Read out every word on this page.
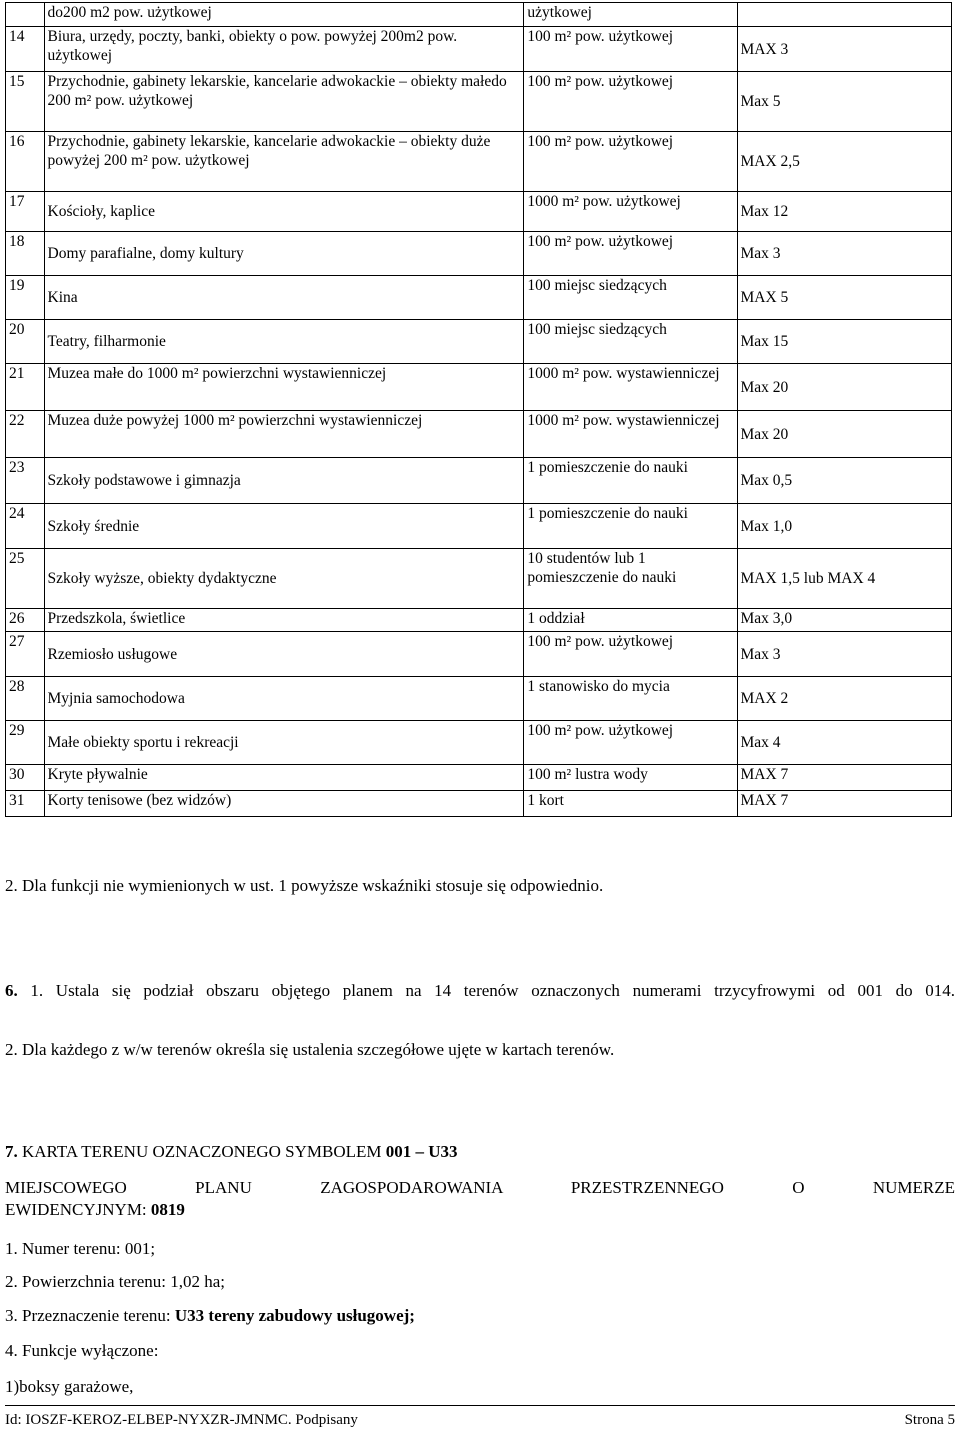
	do200 m2 pow. użytkowej	użytkowej	
14	Biura, urzędy, poczty, banki, obiekty o pow. powyżej 200m2 pow. użytkowej	100 m² pow. użytkowej	MAX 3
15	Przychodnie, gabinety lekarskie, kancelarie adwokackie – obiekty małedo 200 m² pow. użytkowej	100 m² pow. użytkowej	Max 5
16	Przychodnie, gabinety lekarskie, kancelarie adwokackie – obiekty duże powyżej 200 m² pow. użytkowej	100 m² pow. użytkowej	MAX 2,5
17	Kościoły, kaplice	1000 m² pow. użytkowej	Max 12
18	Domy parafialne, domy kultury	100 m² pow. użytkowej	Max 3
19	Kina	100 miejsc siedzących	MAX 5
20	Teatry, filharmonie	100 miejsc siedzących	Max 15
21	Muzea małe do 1000 m² powierzchni wystawienniczej	1000 m² pow. wystawienniczej	Max 20
22	Muzea duże powyżej 1000 m² powierzchni wystawienniczej	1000 m² pow. wystawienniczej	Max 20
23	Szkoły podstawowe i gimnazja	1 pomieszczenie do nauki	Max 0,5
24	Szkoły średnie	1 pomieszczenie do nauki	Max 1,0
25	Szkoły wyższe, obiekty dydaktyczne	10 studentów lub 1 pomieszczenie do nauki	MAX 1,5 lub MAX 4
26	Przedszkola, świetlice	1 oddział	Max 3,0
27	Rzemiosło usługowe	100 m² pow. użytkowej	Max 3
28	Myjnia samochodowa	1 stanowisko do mycia	MAX 2
29	Małe obiekty sportu i rekreacji	100 m² pow. użytkowej	Max 4
30	Kryte pływalnie	100 m² lustra wody	MAX 7
31	Korty tenisowe (bez widzów)	1 kort	MAX 7
2. Dla funkcji nie wymienionych w ust. 1 powyższe wskaźniki stosuje się odpowiednio.
6. 1. Ustala się podział obszaru objętego planem na 14 terenów oznaczonych numerami trzycyfrowymi od 001 do 014.
2. Dla każdego z w/w terenów określa się ustalenia szczegółowe ujęte w kartach terenów.
7. KARTA TERENU OZNACZONEGO SYMBOLEM 001 – U33
MIEJSCOWEGO PLANU ZAGOSPODAROWANIA PRZESTRZENNEGO O NUMERZE
EWIDENCYJNYM: 0819
1. Numer terenu: 001;
2. Powierzchnia terenu: 1,02 ha;
3. Przeznaczenie terenu: U33 tereny zabudowy usługowej;
4. Funkcje wyłączone:
1)boksy garażowe,
Id: IOSZF-KEROZ-ELBEP-NYXZR-JMNMC. Podpisany	Strona 5
